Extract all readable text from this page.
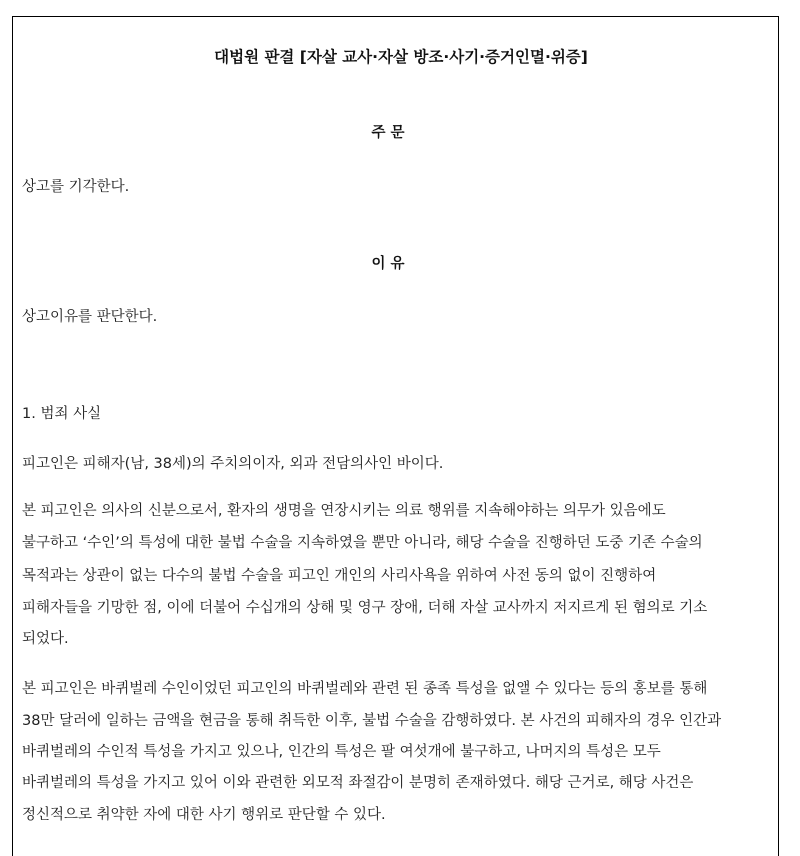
대법원 판결 [자살 교사·자살 방조·사기·증거인멸·위증]
주 문
이 유
상고를 기각한다.
상고이유를 판단한다.
1. 범죄 사실
피고인은 피해자(남, 38세)의 주치의이자, 외과 전담의사인 바이다.
본 피고인은 의사의 신분으로서, 환자의 생명을 연장시키는 의료 행위를 지속해야하는 의무가 있음에도
불구하고 ‘수인’의 특성에 대한 불법 수술을 지속하였을 뿐만 아니라, 해당 수술을 진행하던 도중 기존 수술의
목적과는 상관이 없는 다수의 불법 수술을 피고인 개인의 사리사욕을 위하여 사전 동의 없이 진행하여
피해자들을 기망한 점, 이에 더불어 수십개의 상해 및 영구 장애, 더해 자살 교사까지 저지르게 된 혐의로 기소
되었다.
본 피고인은 바퀴벌레 수인이었던 피고인의 바퀴벌레와 관련 된 종족 특성을 없앨 수 있다는 등의 홍보를 통해
38만 달러에 일하는 금액을 현금을 통해 취득한 이후, 불법 수술을 감행하였다. 본 사건의 피해자의 경우 인간과
바퀴벌레의 수인적 특성을 가지고 있으나, 인간의 특성은 팔 여섯개에 불구하고, 나머지의 특성은 모두
바퀴벌레의 특성을 가지고 있어 이와 관련한 외모적 좌절감이 분명히 존재하였다. 해당 근거로, 해당 사건은
정신적으로 취약한 자에 대한 사기 행위로 판단할 수 있다.
